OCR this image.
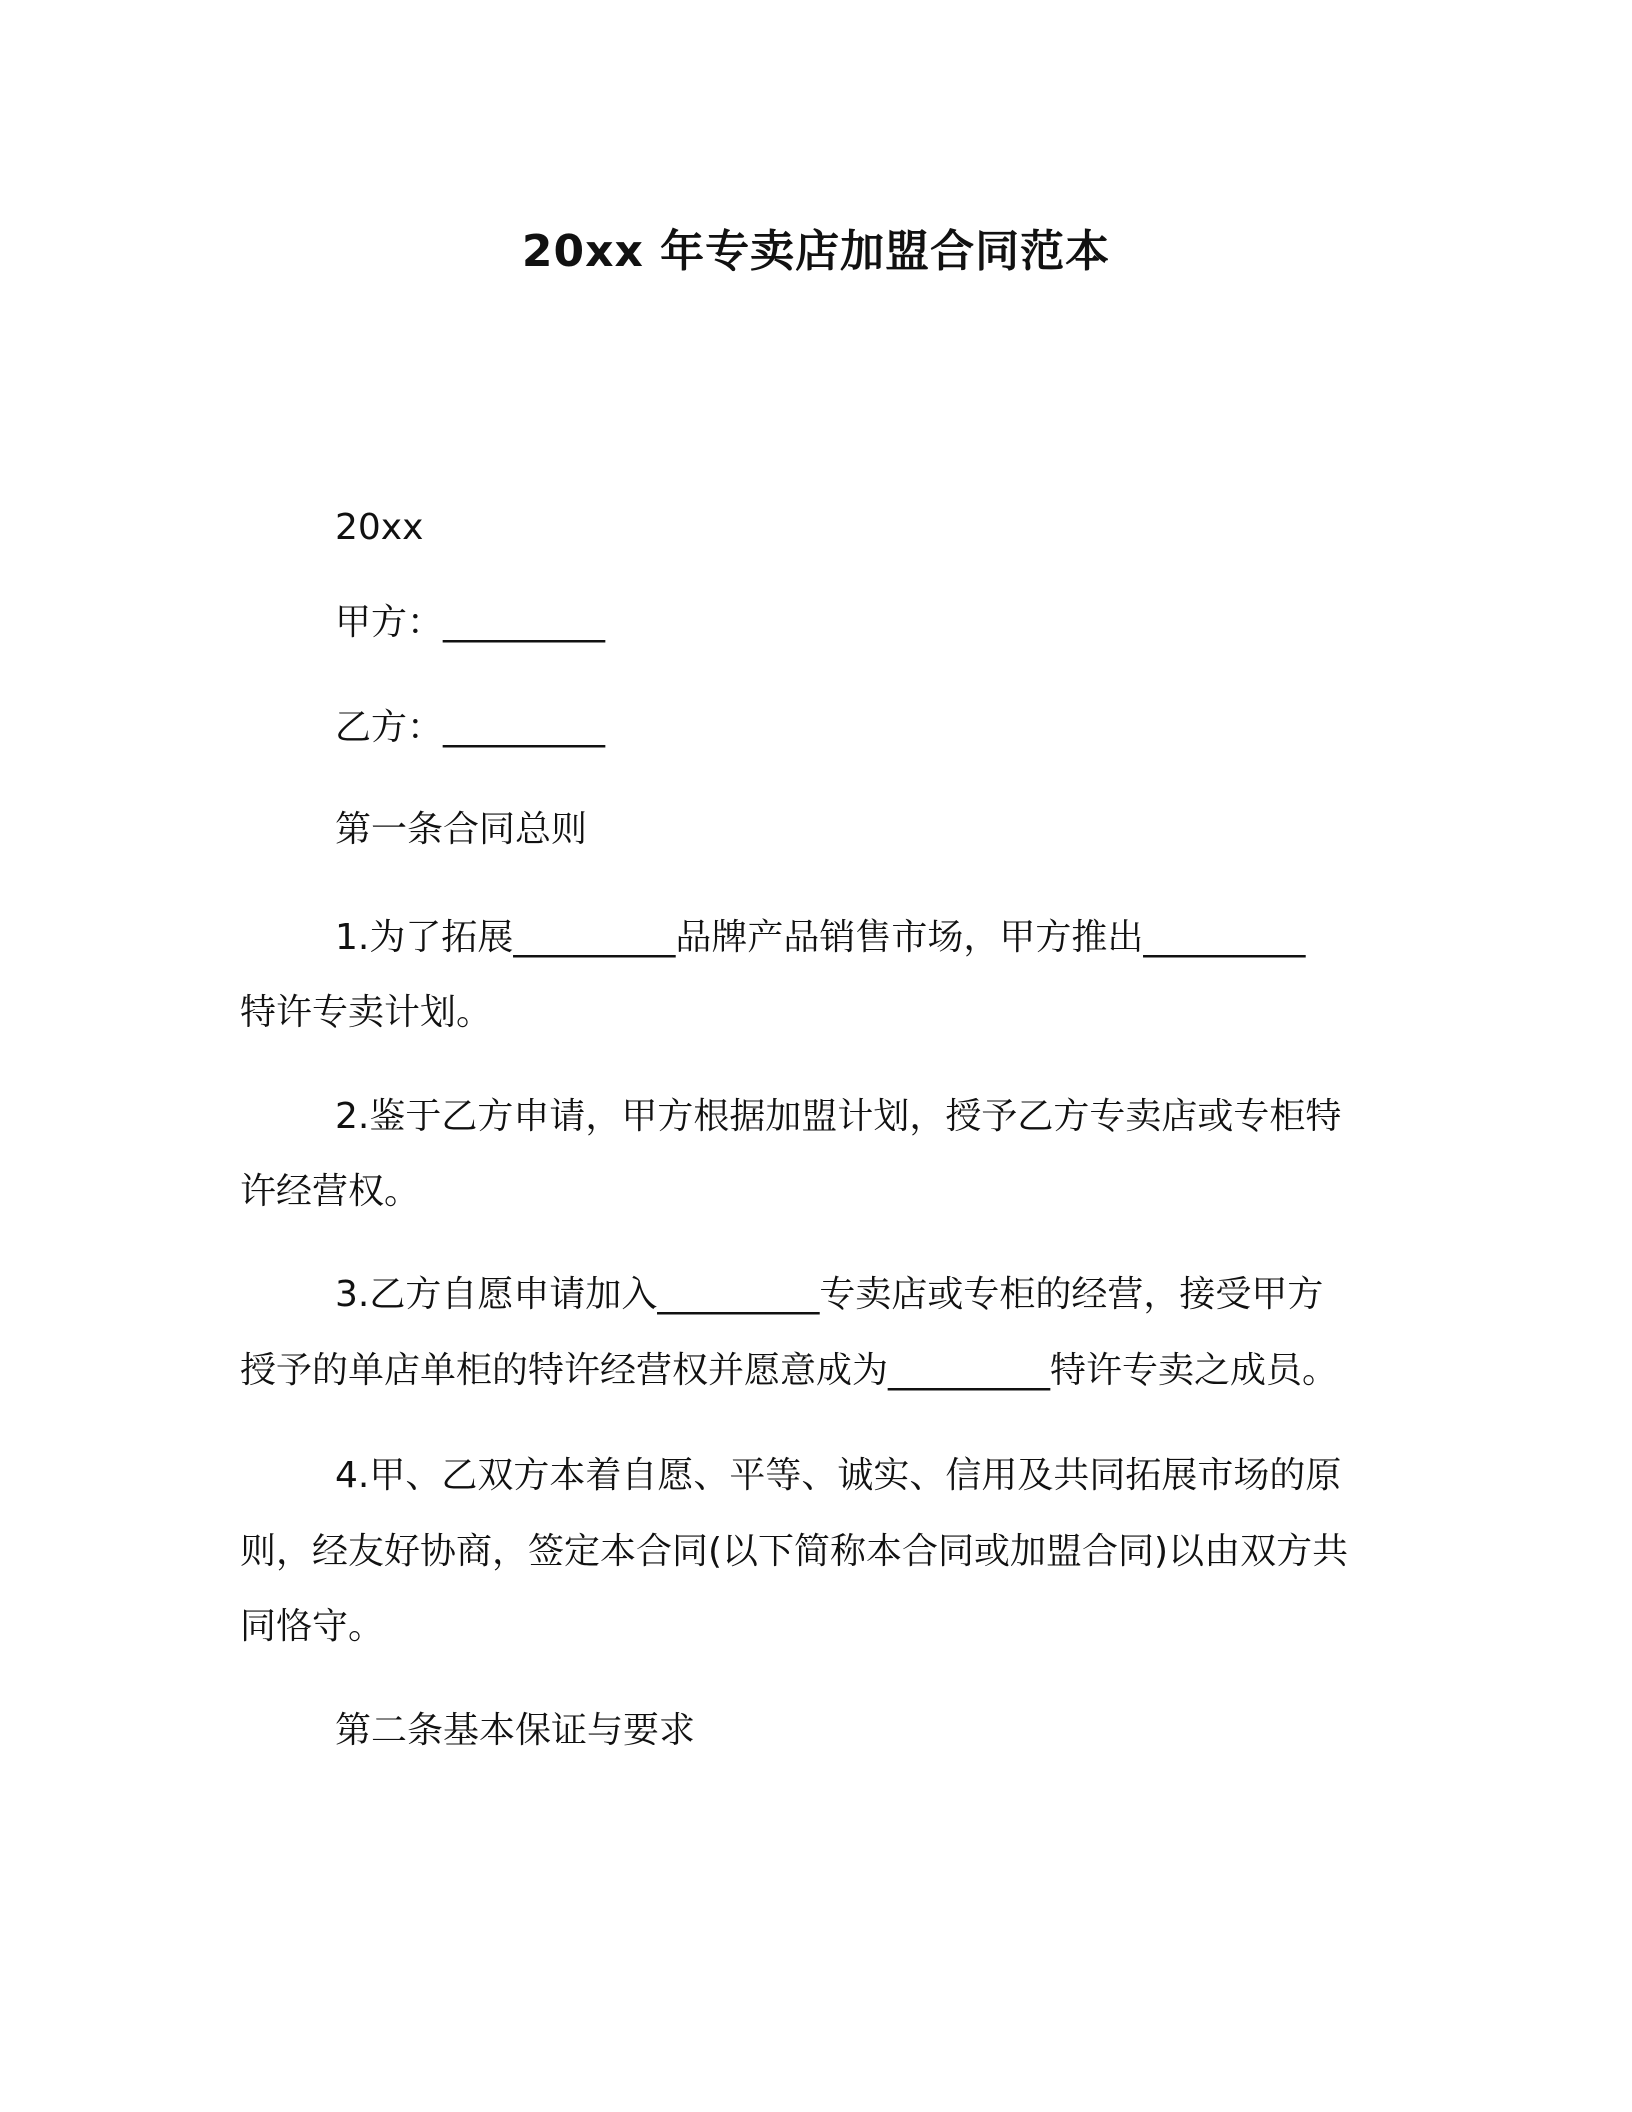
20xx 年专卖店加盟合同范本
20xx
甲方：_________
乙方：_________
第一条合同总则
1.为了拓展_________品牌产品销售市场，甲方推出_________
特许专卖计划。
2.鉴于乙方申请，甲方根据加盟计划，授予乙方专卖店或专柜特
许经营权。
3.乙方自愿申请加入_________专卖店或专柜的经营，接受甲方
授予的单店单柜的特许经营权并愿意成为_________特许专卖之成员。
4.甲、乙双方本着自愿、平等、诚实、信用及共同拓展市场的原
则，经友好协商，签定本合同(以下简称本合同或加盟合同)以由双方共
同恪守。
第二条基本保证与要求
